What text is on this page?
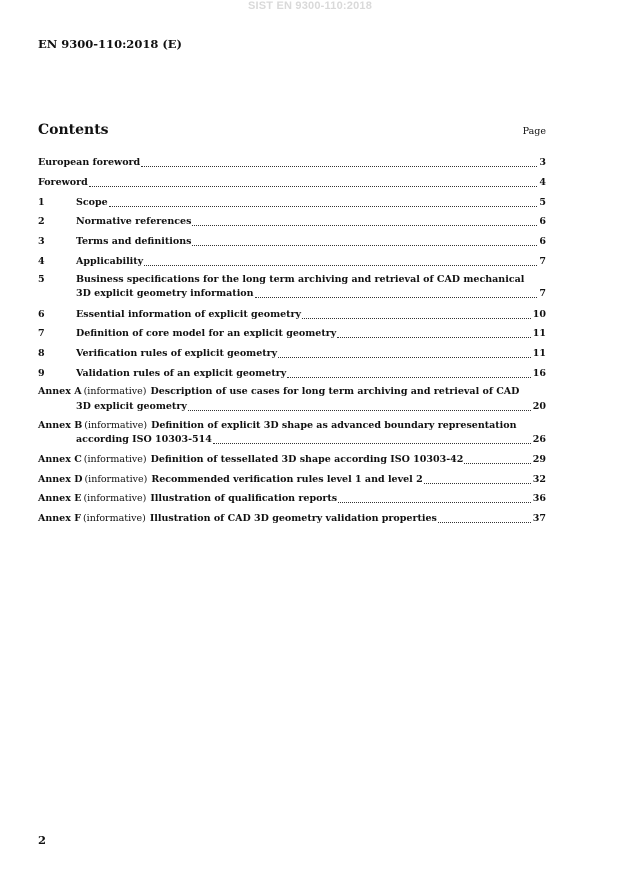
SIST EN 9300-110:2018
EN 9300-110:2018 (E)
Contents	Page
European foreword	3
Foreword	4
1	Scope	5
2	Normative references	6
3	Terms and definitions	6
4	Applicability	7
5	Business specifications for the long term archiving and retrieval of CAD mechanical
3D explicit geometry information	7
6	Essential information of explicit geometry	10
7	Definition of core model for an explicit geometry	11
8	Verification rules of explicit geometry	11
9	Validation rules of an explicit geometry	16
Annex A (informative) Description of use cases for long term archiving and retrieval of CAD
3D explicit geometry	20
Annex B (informative) Definition of explicit 3D shape as advanced boundary representation
according ISO 10303-514	26
Annex C (informative) Definition of tessellated 3D shape according ISO 10303-42	29
Annex D (informative) Recommended verification rules level 1 and level 2	32
Annex E (informative) Illustration of qualification reports	36
Annex F (informative) Illustration of CAD 3D geometry validation properties	37
2
